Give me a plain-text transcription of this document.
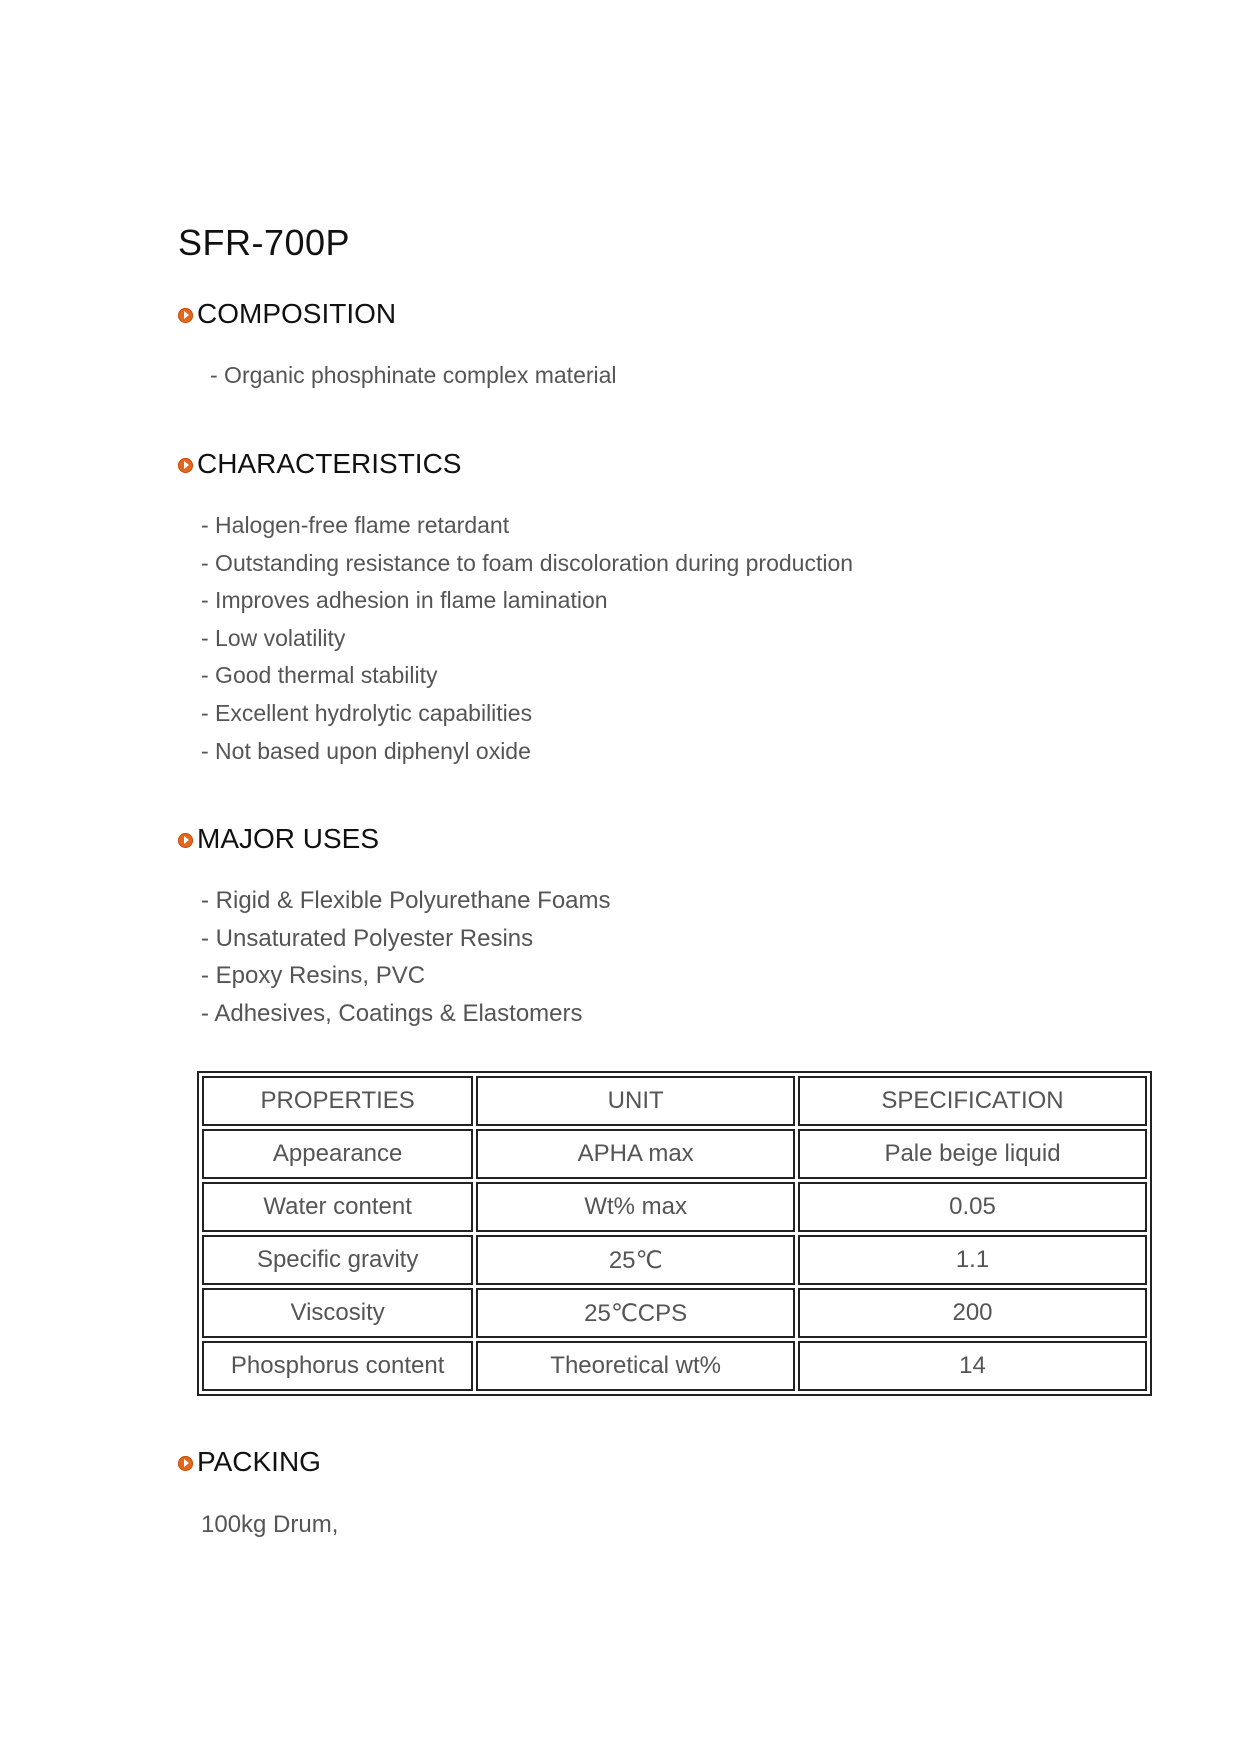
SFR-700P
COMPOSITION
- Organic phosphinate complex material
CHARACTERISTICS
- Halogen-free flame retardant
- Outstanding resistance to foam discoloration during production
- Improves adhesion in flame lamination
- Low volatility
- Good thermal stability
- Excellent hydrolytic capabilities
- Not based upon diphenyl oxide
MAJOR USES
- Rigid & Flexible Polyurethane Foams
- Unsaturated Polyester Resins
- Epoxy Resins, PVC
- Adhesives, Coatings & Elastomers
PROPERTIES	UNIT	SPECIFICATION
Appearance	APHA max	Pale beige liquid
Water content	Wt% max	0.05
Specific gravity	25℃	1.1
Viscosity	25℃CPS	200
Phosphorus content	Theoretical wt%	14
PACKING

100kg Drum,
